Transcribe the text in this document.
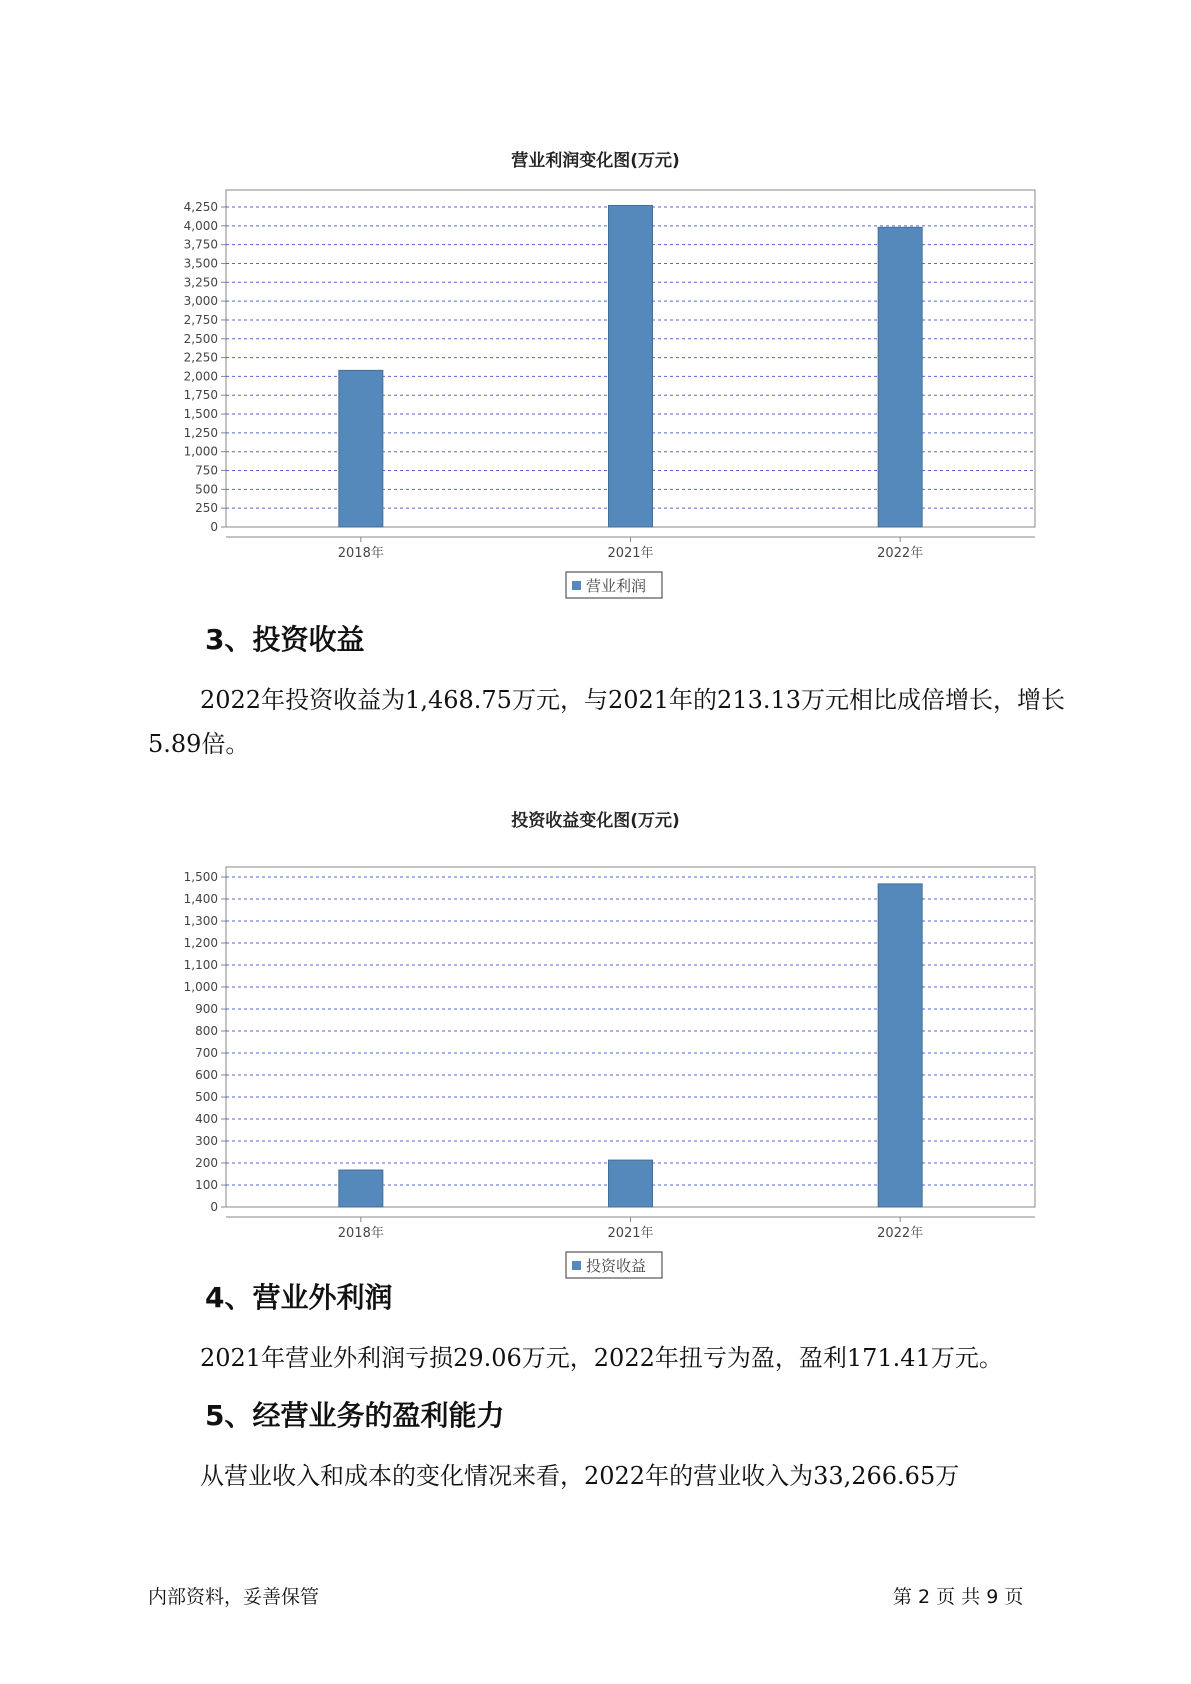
营业利润变化图(万元)
0
250
500
750
1,000
1,250
1,500
1,750
2,000
2,250
2,500
2,750
3,000
3,250
3,500
3,750
4,000
4,250
2018年	2021年	2022年
营业利润
3、投资收益
2022年投资收益为1,468.75万元，与2021年的213.13万元相比成倍增长，增长5.89倍。
投资收益变化图(万元)
0
100
200
300
400
500
600
700
800
900
1,000
1,100
1,200
1,300
1,400
1,500
2018年	2021年	2022年
投资收益
4、营业外利润
2021年营业外利润亏损29.06万元，2022年扭亏为盈，盈利171.41万元。
5、经营业务的盈利能力
从营业收入和成本的变化情况来看，2022年的营业收入为33,266.65万
内部资料，妥善保管	第 2 页 共 9 页
